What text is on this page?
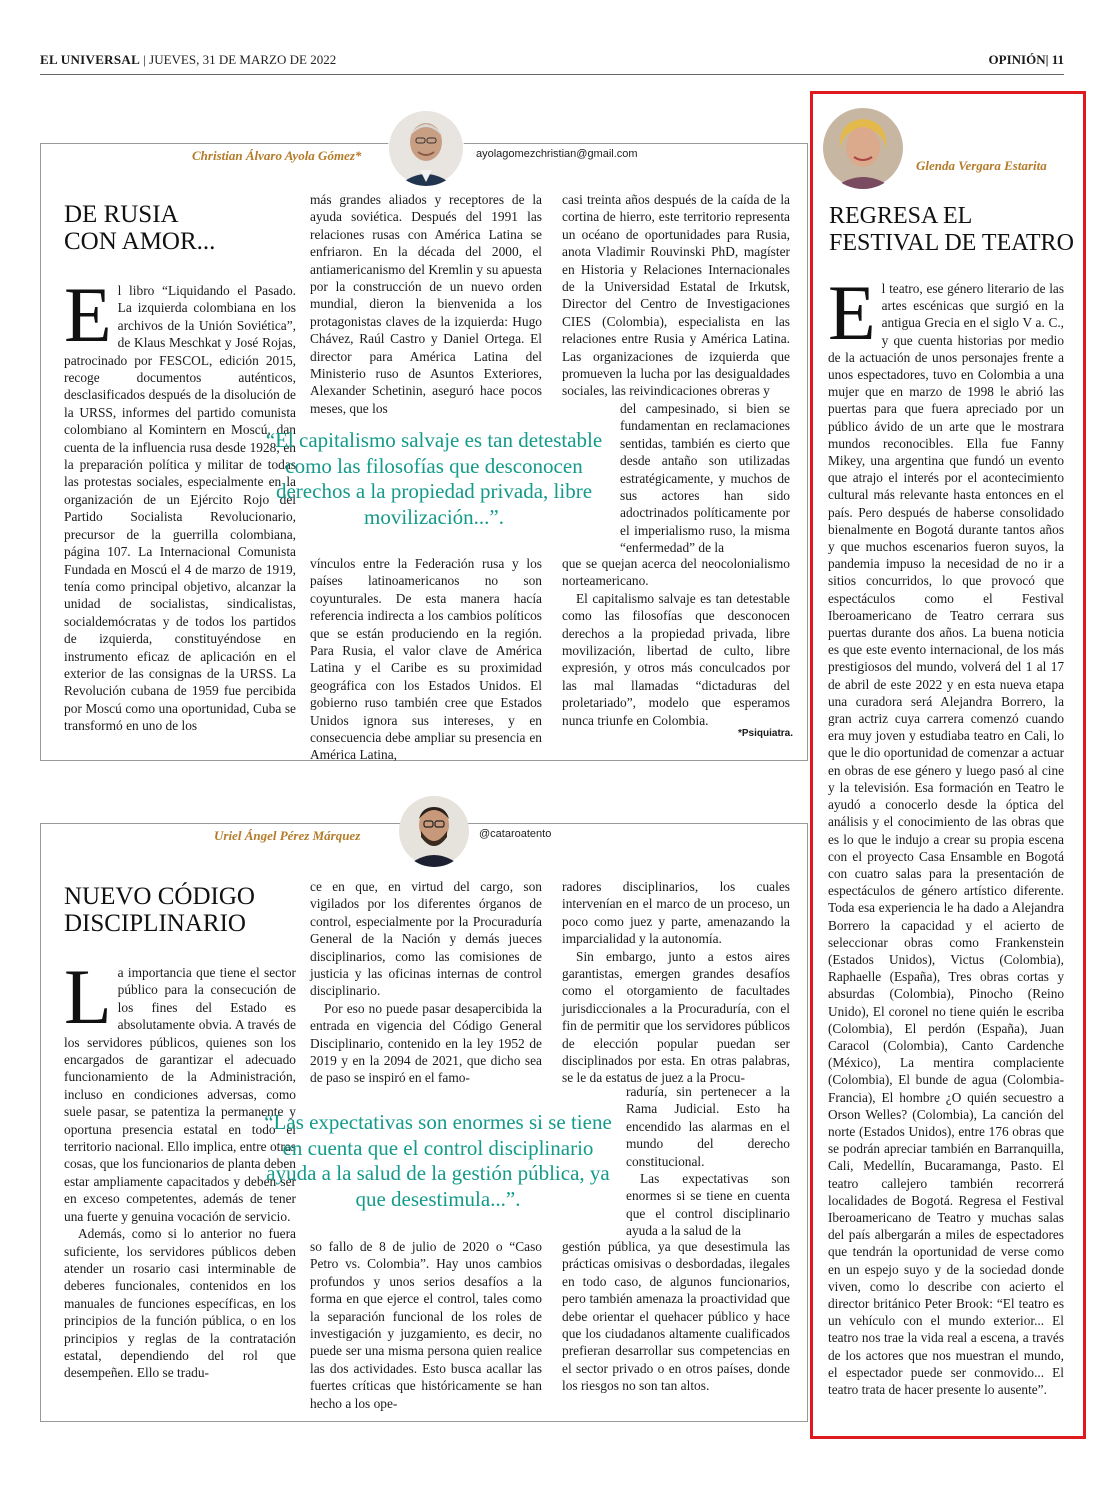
EL UNIVERSAL | JUEVES, 31 DE MARZO DE 2022	OPINIÓN| 11
Christian Álvaro Ayola Gómez*	ayolagomezchristian@gmail.com
DE RUSIA
CON AMOR...
E l libro “Liquidando el Pasado. La izquierda colombiana en los archivos de la Unión Soviética”, de Klaus Meschkat y José Rojas, patrocinado por FESCOL, edición 2015, recoge documentos auténticos, desclasificados después de la disolución de la URSS, informes del partido comunista colombiano al Komintern en Moscú, dan cuenta de la influencia rusa desde 1928, en la preparación política y militar de todas las protestas sociales, especialmente en la organización de un Ejército Rojo del Partido Socialista Revolucionario, precursor de la guerrilla colombiana, página 107. La Internacional Comunista Fundada en Moscú el 4 de marzo de 1919, tenía como principal objetivo, alcanzar la unidad de socialistas, sindicalistas, socialdemócratas y de todos los partidos de izquierda, constituyéndose en instrumento eficaz de aplicación en el exterior de las consignas de la URSS. La Revolución cubana de 1959 fue percibida por Moscú como una oportunidad, Cuba se transformó en uno de los

más grandes aliados y receptores de la ayuda soviética. Después del 1991 las relaciones rusas con América Latina se enfriaron. En la década del 2000, el antiamericanismo del Kremlin y su apuesta por la construcción de un nuevo orden mundial, dieron la bienvenida a los protagonistas claves de la izquierda: Hugo Chávez, Raúl Castro y Daniel Ortega. El director para América Latina del Ministerio ruso de Asuntos Exteriores, Alexander Schetinin, aseguró hace pocos meses, que los

vínculos entre la Federación rusa y los países latinoamericanos no son coyunturales. De esta manera hacía referencia indirecta a los cambios políticos que se están produciendo en la región. Para Rusia, el valor clave de América Latina y el Caribe es su proximidad geográfica con los Estados Unidos. El gobierno ruso también cree que Estados Unidos ignora sus intereses, y en consecuencia debe ampliar su presencia en América Latina,

casi treinta años después de la caída de la cortina de hierro, este territorio representa un océano de oportunidades para Rusia, anota Vladimir Rouvinski PhD, magíster en Historia y Relaciones Internacionales de la Universidad Estatal de Irkutsk, Director del Centro de Investigaciones CIES (Colombia), especialista en las relaciones entre Rusia y América Latina. Las organizaciones de izquierda que promueven la lucha por las desigualdades sociales, las reivindicaciones obreras y

del campesinado, si bien se fundamentan en reclamaciones sentidas, también es cierto que desde antaño son utilizadas estratégicamente, y muchos de sus actores han sido adoctrinados políticamente por el imperialismo ruso, la misma “enfermedad” de la

que se quejan acerca del neocolonialismo norteamericano.

El capitalismo salvaje es tan detestable como las filosofías que desconocen derechos a la propiedad privada, libre movilización, libertad de culto, libre expresión, y otros más conculcados por las mal llamadas “dictaduras del proletariado”, modelo que esperamos nunca triunfe en Colombia.

*Psiquiatra.
“El capitalismo salvaje es tan detestable como las filosofías que desconocen derechos a la propiedad privada, libre movilización...”.
Uriel Ángel Pérez Márquez	@cataroatento
NUEVO CÓDIGO
DISCIPLINARIO
L a importancia que tiene el sector público para la consecución de los fines del Estado es absolutamente obvia. A través de los servidores públicos, quienes son los encargados de garantizar el adecuado funcionamiento de la Administración, incluso en condiciones adversas, como suele pasar, se patentiza la permanente y oportuna presencia estatal en todo el territorio nacional. Ello implica, entre otras cosas, que los funcionarios de planta deben estar ampliamente capacitados y deben ser en exceso competentes, además de tener una fuerte y genuina vocación de servicio.

Además, como si lo anterior no fuera suficiente, los servidores públicos deben atender un rosario casi interminable de deberes funcionales, contenidos en los manuales de funciones específicas, en los principios de la función pública, o en los principios y reglas de la contratación estatal, dependiendo del rol que desempeñen. Ello se tradu-

ce en que, en virtud del cargo, son vigilados por los diferentes órganos de control, especialmente por la Procuraduría General de la Nación y demás jueces disciplinarios, como las comisiones de justicia y las oficinas internas de control disciplinario.

Por eso no puede pasar desapercibida la entrada en vigencia del Código General Disciplinario, contenido en la ley 1952 de 2019 y en la 2094 de 2021, que dicho sea de paso se inspiró en el famo-

so fallo de 8 de julio de 2020 o “Caso Petro vs. Colombia”. Hay unos cambios profundos y unos serios desafíos a la forma en que ejerce el control, tales como la separación funcional de los roles de investigación y juzgamiento, es decir, no puede ser una misma persona quien realice las dos actividades. Esto busca acallar las fuertes críticas que históricamente se han hecho a los ope-

radores disciplinarios, los cuales intervenían en el marco de un proceso, un poco como juez y parte, amenazando la imparcialidad y la autonomía.

Sin embargo, junto a estos aires garantistas, emergen grandes desafíos como el otorgamiento de facultades jurisdiccionales a la Procuraduría, con el fin de permitir que los servidores públicos de elección popular puedan ser disciplinados por esta. En otras palabras, se le da estatus de juez a la Procu-

raduría, sin pertenecer a la Rama Judicial. Esto ha encendido las alarmas en el mundo del derecho constitucional.

Las expectativas son enormes si se tiene en cuenta que el control disciplinario ayuda a la salud de la

gestión pública, ya que desestimula las prácticas omisivas o desbordadas, ilegales en todo caso, de algunos funcionarios, pero también amenaza la proactividad que debe orientar el quehacer público y hace que los ciudadanos altamente cualificados prefieran desarrollar sus competencias en el sector privado o en otros países, donde los riesgos no son tan altos.

“Las expectativas son enormes si se tiene en cuenta que el control disciplinario ayuda a la salud de la gestión pública, ya que desestimula...”.
Glenda Vergara Estarita
REGRESA EL
FESTIVAL DE TEATRO
E l teatro, ese género literario de las artes escénicas que surgió en la antigua Grecia en el siglo V a. C., y que cuenta historias por medio de la actuación de unos personajes frente a unos espectadores, tuvo en Colombia a una mujer que en marzo de 1998 le abrió las puertas para que fuera apreciado por un público ávido de un arte que le mostrara mundos reconocibles. Ella fue Fanny Mikey, una argentina que fundó un evento que atrajo el interés por el acontecimiento cultural más relevante hasta entonces en el país. Pero después de haberse consolidado bienalmente en Bogotá durante tantos años y que muchos escenarios fueron suyos, la pandemia impuso la necesidad de no ir a sitios concurridos, lo que provocó que espectáculos como el Festival Iberoamericano de Teatro cerrara sus puertas durante dos años. La buena noticia es que este evento internacional, de los más prestigiosos del mundo, volverá del 1 al 17 de abril de este 2022 y en esta nueva etapa una curadora será Alejandra Borrero, la gran actriz cuya carrera comenzó cuando era muy joven y estudiaba teatro en Cali, lo que le dio oportunidad de comenzar a actuar en obras de ese género y luego pasó al cine y la televisión. Esa formación en Teatro le ayudó a conocerlo desde la óptica del análisis y el conocimiento de las obras que es lo que le indujo a crear su propia escena con el proyecto Casa Ensamble en Bogotá con cuatro salas para la presentación de espectáculos de género artístico diferente. Toda esa experiencia le ha dado a Alejandra Borrero la capacidad y el acierto de seleccionar obras como Frankenstein (Estados Unidos), Victus (Colombia), Raphaelle (España), Tres obras cortas y absurdas (Colombia), Pinocho (Reino Unido), El coronel no tiene quién le escriba (Colombia), El perdón (España), Juan Caracol (Colombia), Canto Cardenche (México), La mentira complaciente (Colombia), El bunde de agua (Colombia-Francia), El hombre ¿O quién secuestro a Orson Welles? (Colombia), La canción del norte (Estados Unidos), entre 176 obras que se podrán apreciar también en Barranquilla, Cali, Medellín, Bucaramanga, Pasto. El teatro callejero también recorrerá localidades de Bogotá. Regresa el Festival Iberoamericano de Teatro y muchas salas del país albergarán a miles de espectadores que tendrán la oportunidad de verse como en un espejo suyo y de la sociedad donde viven, como lo describe con acierto el director británico Peter Brook: “El teatro es un vehículo con el mundo exterior... El teatro nos trae la vida real a escena, a través de los actores que nos muestran el mundo, el espectador puede ser conmovido... El teatro trata de hacer presente lo ausente”.
